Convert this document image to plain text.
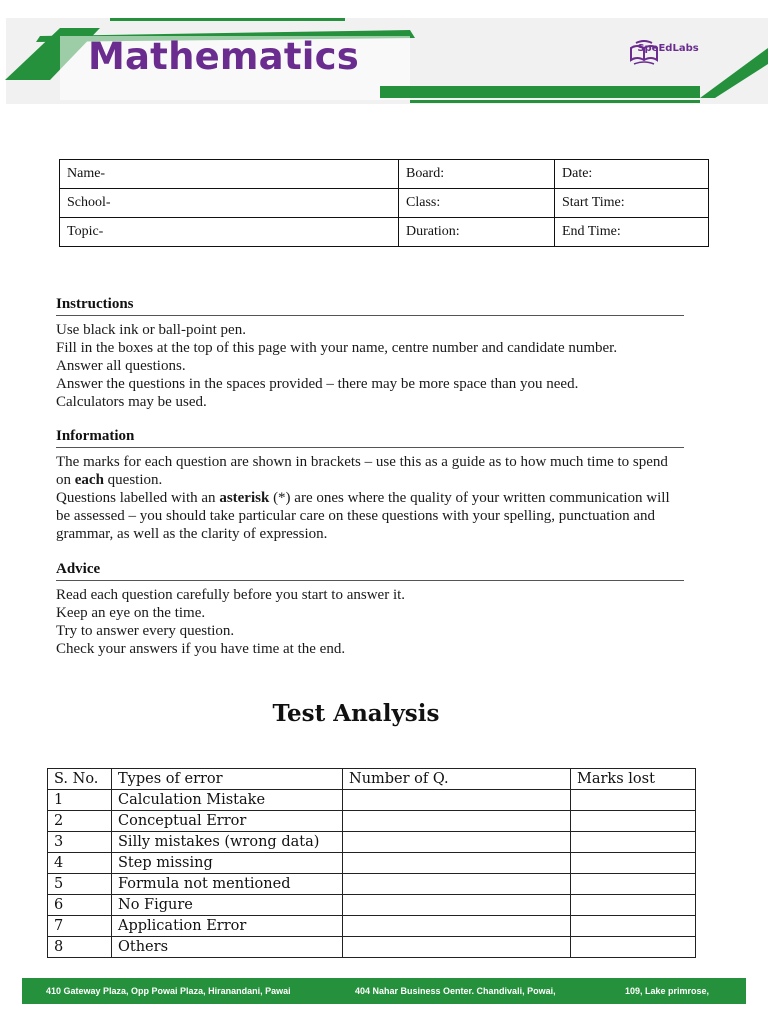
Mathematics	SpeEdLabs
Name-	Board:	Date:
School-	Class:	Start Time:
Topic-	Duration:	End Time:
Instructions

Use black ink or ball-point pen.

Fill in the boxes at the top of this page with your name, centre number and candidate number.

Answer all questions.

Answer the questions in the spaces provided – there may be more space than you need.

Calculators may be used.

Information

The marks for each question are shown in brackets – use this as a guide as to how much time to spend on each question.

Questions labelled with an asterisk (*) are ones where the quality of your written communication will be assessed – you should take particular care on these questions with your spelling, punctuation and grammar, as well as the clarity of expression.

Advice

Read each question carefully before you start to answer it.

Keep an eye on the time.

Try to answer every question.

Check your answers if you have time at the end.

Test Analysis
S. No.	Types of error	Number of Q.	Marks lost
1	Calculation Mistake		
2	Conceptual Error		
3	Silly mistakes (wrong data)		
4	Step missing		
5	Formula not mentioned		
6	No Figure		
7	Application Error		
8	Others		
410 Gateway Plaza, Opp Powai Plaza, Hiranandani, Pawai	404 Nahar Business Oenter. Chandivali, Powai,	109, Lake primrose,
